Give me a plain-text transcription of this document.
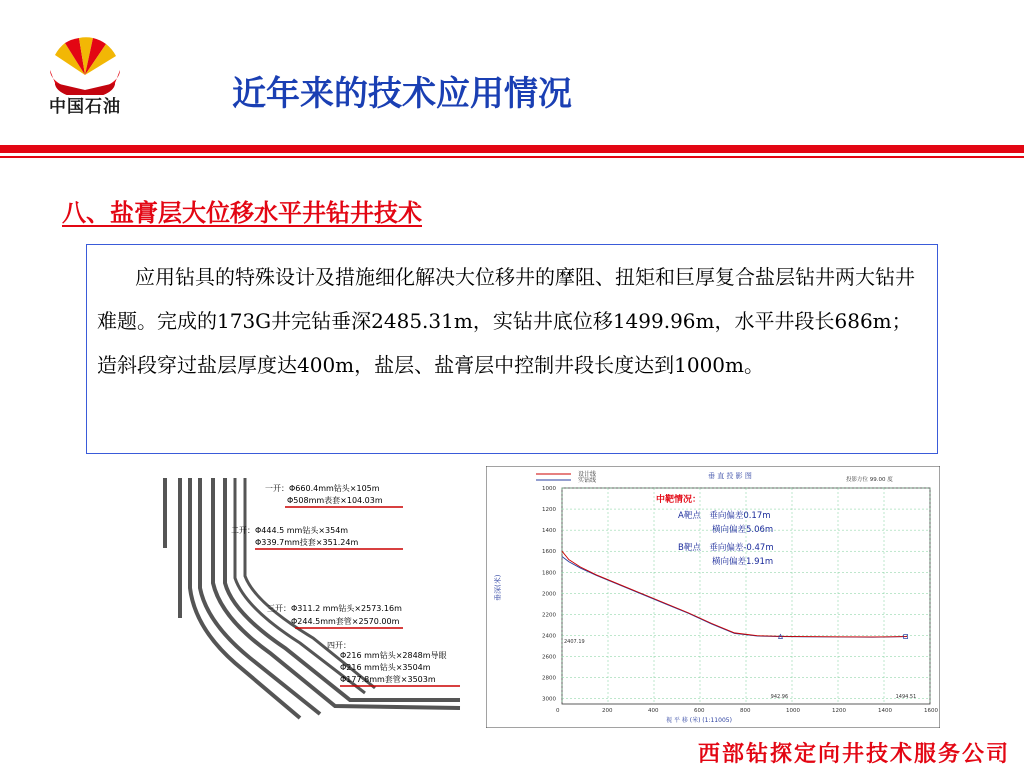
中国石油	近年来的技术应用情况
八、盐膏层大位移水平井钻井技术

应用钻具的特殊设计及措施细化解决大位移井的摩阻、扭矩和巨厚复合盐层钻井两大钻井难题。完成的173G井完钻垂深2485.31m，实钻井底位移1499.96m，水平井段长686m；造斜段穿过盐层厚度达400m，盐层、盐膏层中控制井段长度达到1000m。

一开：Φ660.4mm钻头×105m
Φ508mm表套×104.03m
二开：Φ444.5 mm钻头×354m
Φ339.7mm技套×351.24m
三开：Φ311.2 mm钻头×2573.16m
Φ244.5mm套管×2570.00m
四开：
Φ216 mm钻头×2848m导眼
Φ216 mm钻头×3504m
Φ177.8mm套管×3503m
设计线
实钻线
垂 直 投 影 图	投影方位 99.00 度
垂深(米)
视 平 移 (米) (1:11005)
0	200	400	600	800	1000	1200	1400	1600
1000
1200
1400
1600
1800
2000
2200
2400
2600
2800
3000
2407.19
942.96	1494.51
中靶情况：
A靶点　垂向偏差0.17m
　　　　横向偏差5.06m
B靶点　垂向偏差-0.47m
　　　　横向偏差1.91m
西部钻探定向井技术服务公司
